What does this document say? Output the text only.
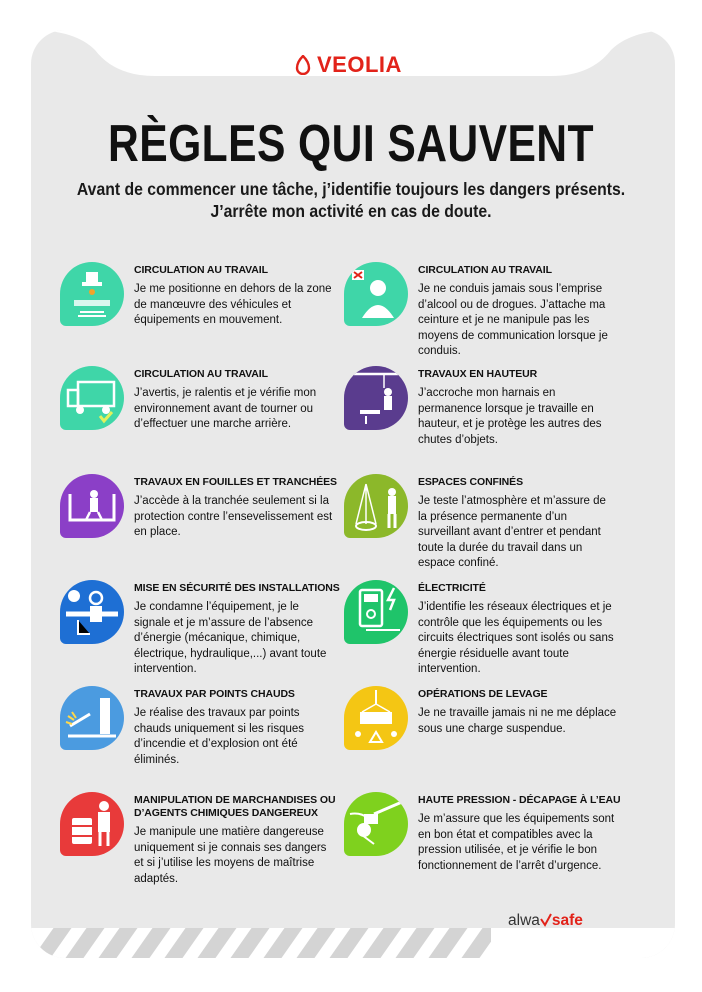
VEOLIA
RÈGLES QUI SAUVENT
Avant de commencer une tâche, j’identifie toujours les dangers présents.
J’arrête mon activité en cas de doute.
CIRCULATION AU TRAVAIL
Je me positionne en dehors de la zone de manœuvre des véhicules et équipements en mouvement.
CIRCULATION AU TRAVAIL
Je ne conduis jamais sous l’emprise d’alcool ou de drogues. J’attache ma ceinture et je ne manipule pas les moyens de communication lorsque je conduis.
CIRCULATION AU TRAVAIL
J’avertis, je ralentis et je vérifie mon environnement avant de tourner ou d’effectuer une marche arrière.
TRAVAUX EN HAUTEUR
J’accroche mon harnais en permanence lorsque je travaille en hauteur, et je protège les autres des chutes d’objets.
TRAVAUX EN FOUILLES ET TRANCHÉES
J’accède à la tranchée seulement si la protection contre l’ensevelissement est en place.
ESPACES CONFINÉS
Je teste l’atmosphère et m’assure de la présence permanente d’un surveillant avant d’entrer et pendant toute la durée du travail dans un espace confiné.
MISE EN SÉCURITÉ DES INSTALLATIONS
Je condamne l’équipement, je le signale et je m’assure de l’absence d’énergie (mécanique, chimique, électrique, hydraulique,...) avant toute intervention.
ÉLECTRICITÉ
J’identifie les réseaux électriques et je contrôle que les équipements ou les circuits électriques sont isolés ou sans énergie résiduelle avant toute intervention.
TRAVAUX PAR POINTS CHAUDS
Je réalise des travaux par points chauds uniquement si les risques d’incendie et d’explosion ont été éliminés.
OPÉRATIONS DE LEVAGE
Je ne travaille jamais ni ne me déplace sous une charge suspendue.
MANIPULATION DE MARCHANDISES OU D’AGENTS CHIMIQUES DANGEREUX
Je manipule une matière dangereuse uniquement si je connais ses dangers et si j’utilise les moyens de maîtrise adaptés.
HAUTE PRESSION - DÉCAPAGE À L’EAU
Je m’assure que les équipements sont en bon état et compatibles avec la pression utilisée, et je vérifie le bon fonctionnement de l’arrêt d’urgence.
alwa safe
